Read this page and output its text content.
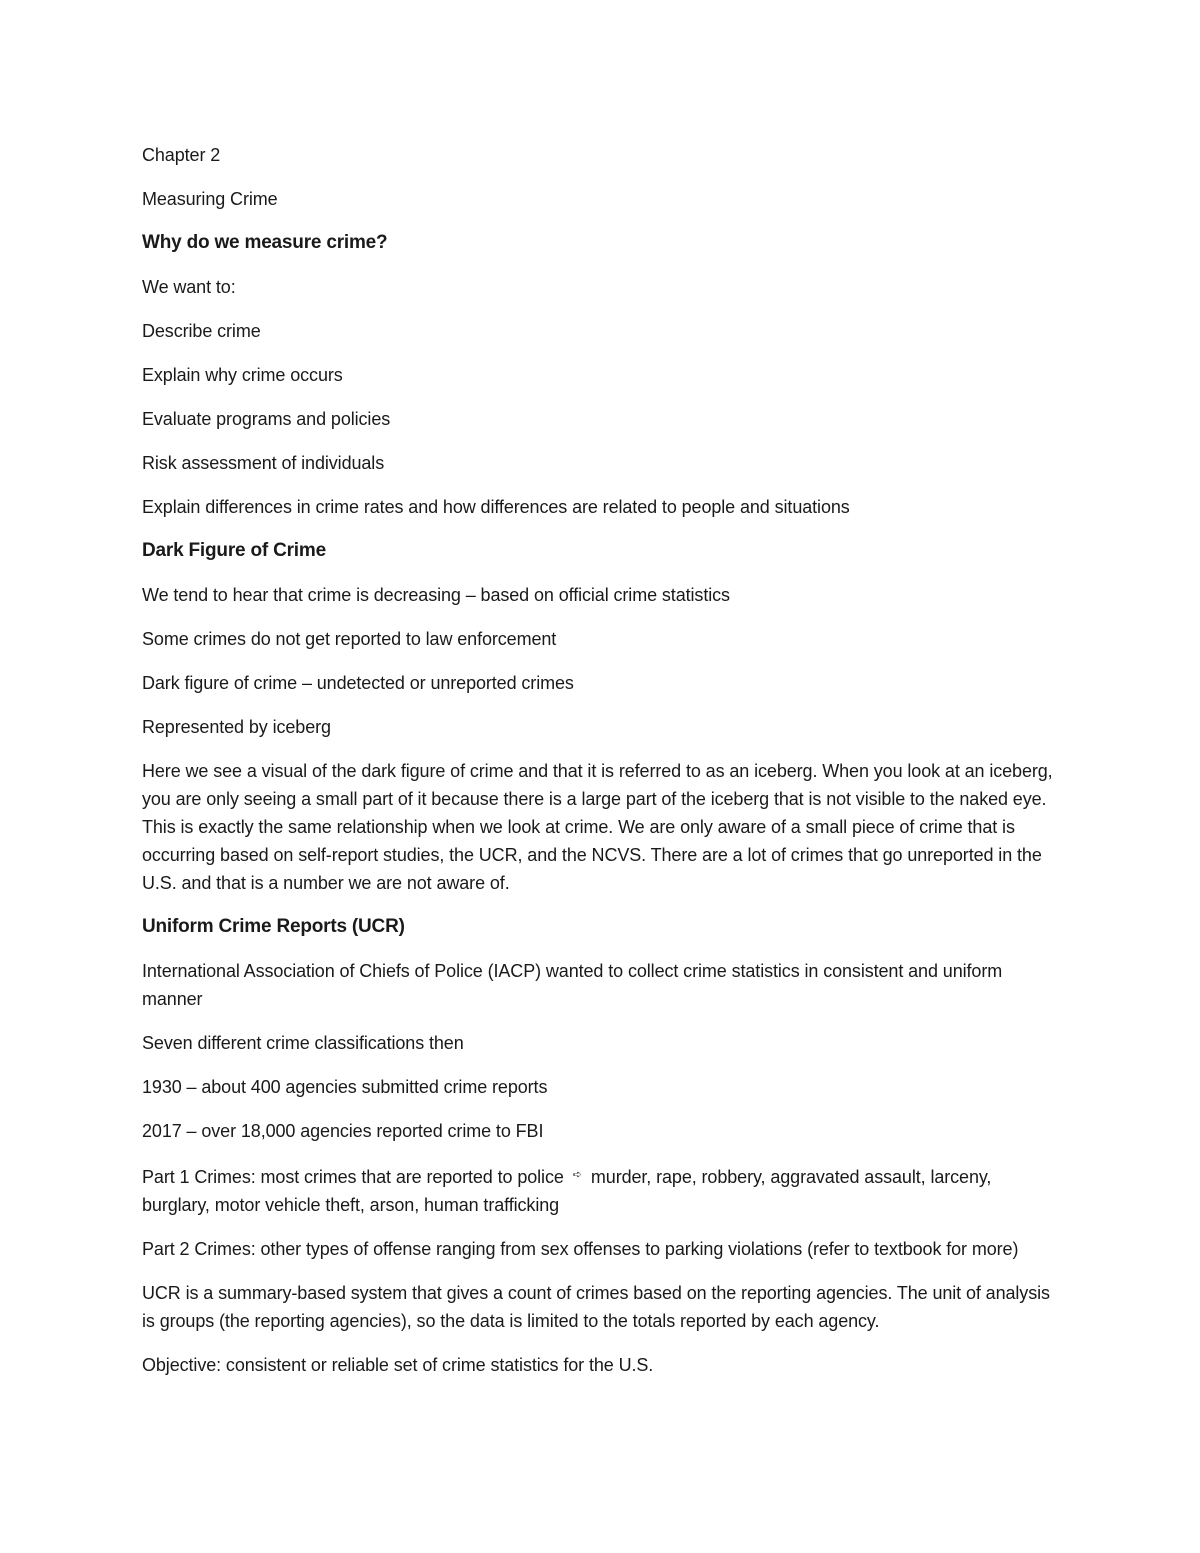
Chapter 2

Measuring Crime

Why do we measure crime?

We want to:

Describe crime

Explain why crime occurs

Evaluate programs and policies

Risk assessment of individuals

Explain differences in crime rates and how differences are related to people and situations

Dark Figure of Crime

We tend to hear that crime is decreasing – based on official crime statistics

Some crimes do not get reported to law enforcement

Dark figure of crime – undetected or unreported crimes

Represented by iceberg

Here we see a visual of the dark figure of crime and that it is referred to as an iceberg. When you look at an iceberg, you are only seeing a small part of it because there is a large part of the iceberg that is not visible to the naked eye. This is exactly the same relationship when we look at crime. We are only aware of a small piece of crime that is occurring based on self-report studies, the UCR, and the NCVS. There are a lot of crimes that go unreported in the U.S. and that is a number we are not aware of.

Uniform Crime Reports (UCR)

International Association of Chiefs of Police (IACP) wanted to collect crime statistics in consistent and uniform manner

Seven different crime classifications then

1930 – about 400 agencies submitted crime reports

2017 – over 18,000 agencies reported crime to FBI

Part 1 Crimes: most crimes that are reported to police ➪ murder, rape, robbery, aggravated assault, larceny, burglary, motor vehicle theft, arson, human trafficking

Part 2 Crimes: other types of offense ranging from sex offenses to parking violations (refer to textbook for more)

UCR is a summary-based system that gives a count of crimes based on the reporting agencies. The unit of analysis is groups (the reporting agencies), so the data is limited to the totals reported by each agency.

Objective: consistent or reliable set of crime statistics for the U.S.
